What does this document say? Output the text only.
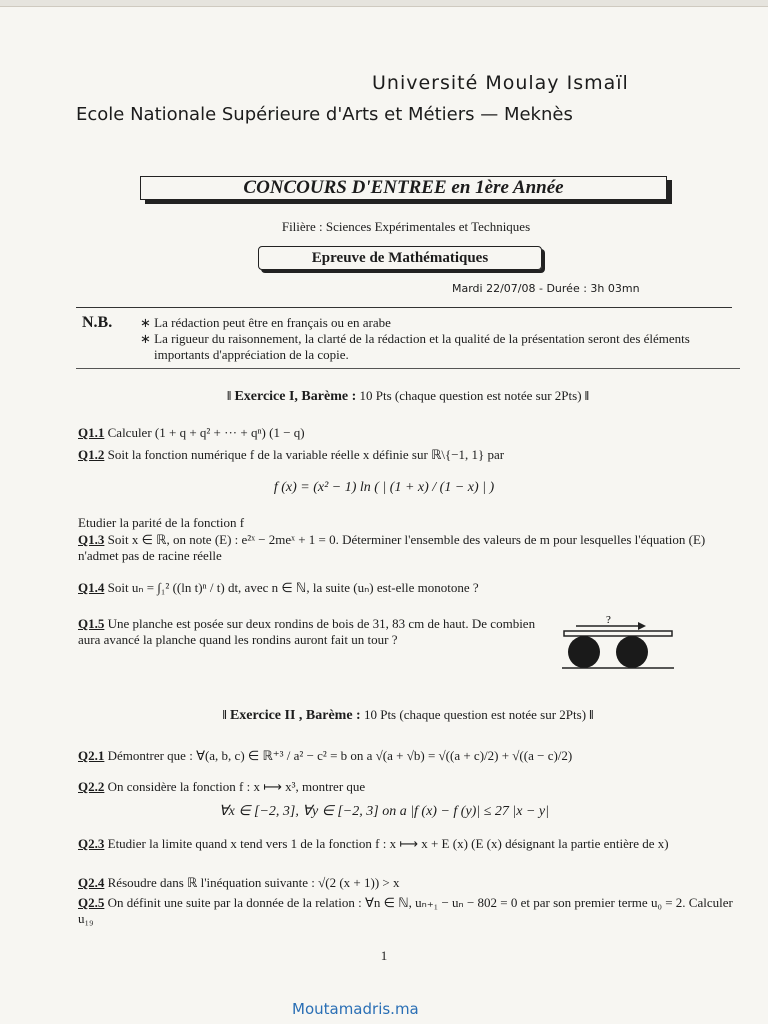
Université Moulay Ismaïl
Ecole Nationale Supérieure d'Arts et Métiers — Meknès
CONCOURS D'ENTREE en 1ère Année
Filière : Sciences Expérimentales et Techniques
Epreuve de Mathématiques
Mardi 22/07/08 - Durée : 3h 03mn
N.B. ∗ La rédaction peut être en français ou en arabe
∗ La rigueur du raisonnement, la clarté de la rédaction et la qualité de la présentation seront des éléments importants d'appréciation de la copie.
‖ Exercice I, Barème : 10 Pts (chaque question est notée sur 2Pts) ‖
Q1.1 Calculer (1 + q + q² + ··· + qⁿ) (1 − q)
Q1.2 Soit la fonction numérique f de la variable réelle x définie sur ℝ\{−1, 1} par
f (x) = (x² − 1) ln ( | (1 + x) / (1 − x) | )
Etudier la parité de la fonction f
Q1.3 Soit x ∈ ℝ, on note (E) : e²ˣ − 2meˣ + 1 = 0. Déterminer l'ensemble des valeurs de m pour lesquelles l'équation (E) n'admet pas de racine réelle
Q1.4 Soit uₙ = ∫₁² ((ln t)ⁿ / t) dt, avec n ∈ ℕ, la suite (uₙ) est-elle monotone ?
Q1.5 Une planche est posée sur deux rondins de bois de 31, 83 cm de haut. De combien aura avancé la planche quand les rondins auront fait un tour ?
?
‖ Exercice II , Barème : 10 Pts (chaque question est notée sur 2Pts) ‖
Q2.1 Démontrer que : ∀(a, b, c) ∈ ℝ⁺³ / a² − c² = b on a √(a + √b) = √((a + c)/2) + √((a − c)/2)
Q2.2 On considère la fonction f : x ⟼ x³, montrer que
∀x ∈ [−2, 3], ∀y ∈ [−2, 3] on a |f (x) − f (y)| ≤ 27 |x − y|
Q2.3 Etudier la limite quand x tend vers 1 de la fonction f : x ⟼ x + E (x) (E (x) désignant la partie entière de x)
Q2.4 Résoudre dans ℝ l'inéquation suivante : √(2 (x + 1)) > x
Q2.5 On définit une suite par la donnée de la relation : ∀n ∈ ℕ, uₙ₊₁ − uₙ − 802 = 0 et par son premier terme u₀ = 2. Calculer u₁₉
1
Moutamadris.ma
